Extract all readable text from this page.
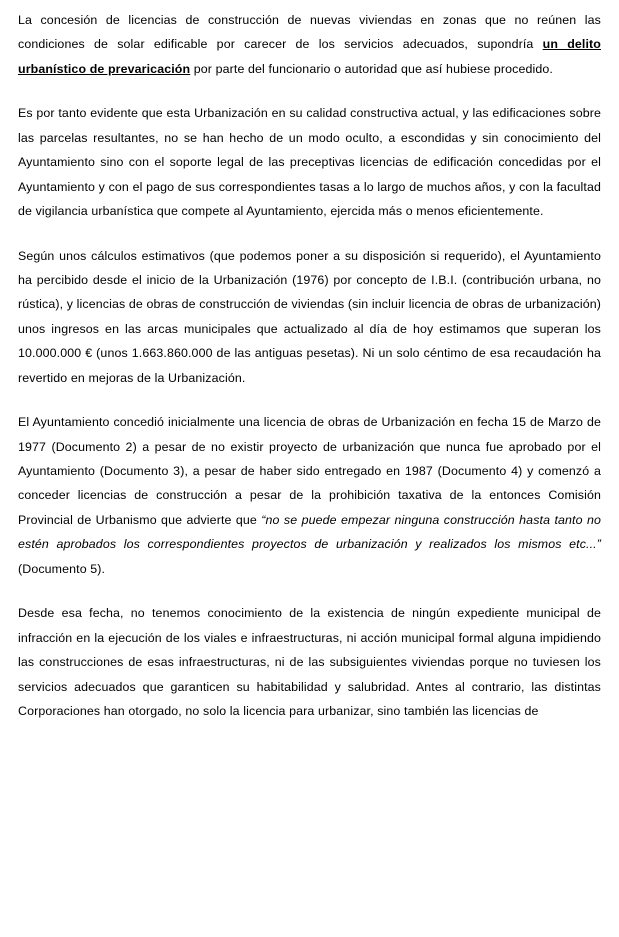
La concesión de licencias de construcción de nuevas viviendas en zonas que no reúnen las condiciones de solar edificable por carecer de los servicios adecuados, supondría un delito urbanístico de prevaricación por parte del funcionario o autoridad que así hubiese procedido.

Es por tanto evidente que esta Urbanización en su calidad constructiva actual, y las edificaciones sobre las parcelas resultantes, no se han hecho de un modo oculto, a escondidas y sin conocimiento del Ayuntamiento sino con el soporte legal de las preceptivas licencias de edificación concedidas por el Ayuntamiento y con el pago de sus correspondientes tasas a lo largo de muchos años, y con la facultad de vigilancia urbanística que compete al Ayuntamiento, ejercida más o menos eficientemente.

Según unos cálculos estimativos (que podemos poner a su disposición si requerido), el Ayuntamiento ha percibido desde el inicio de la Urbanización (1976) por concepto de I.B.I. (contribución urbana, no rústica), y licencias de obras de construcción de viviendas (sin incluir licencia de obras de urbanización) unos ingresos en las arcas municipales que actualizado al día de hoy estimamos que superan los 10.000.000 € (unos 1.663.860.000 de las antiguas pesetas). Ni un solo céntimo de esa recaudación ha revertido en mejoras de la Urbanización.

El Ayuntamiento concedió inicialmente una licencia de obras de Urbanización en fecha 15 de Marzo de 1977 (Documento 2) a pesar de no existir proyecto de urbanización que nunca fue aprobado por el Ayuntamiento (Documento 3), a pesar de haber sido entregado en 1987 (Documento 4) y comenzó a conceder licencias de construcción a pesar de la prohibición taxativa de la entonces Comisión Provincial de Urbanismo que advierte que “no se puede empezar ninguna construcción hasta tanto no estén aprobados los correspondientes proyectos de urbanización y realizados los mismos etc...” (Documento 5).

Desde esa fecha, no tenemos conocimiento de la existencia de ningún expediente municipal de infracción en la ejecución de los viales e infraestructuras, ni acción municipal formal alguna impidiendo las construcciones de esas infraestructuras, ni de las subsiguientes viviendas porque no tuviesen los servicios adecuados que garanticen su habitabilidad y salubridad. Antes al contrario, las distintas Corporaciones han otorgado, no solo la licencia para urbanizar, sino también las licencias de
